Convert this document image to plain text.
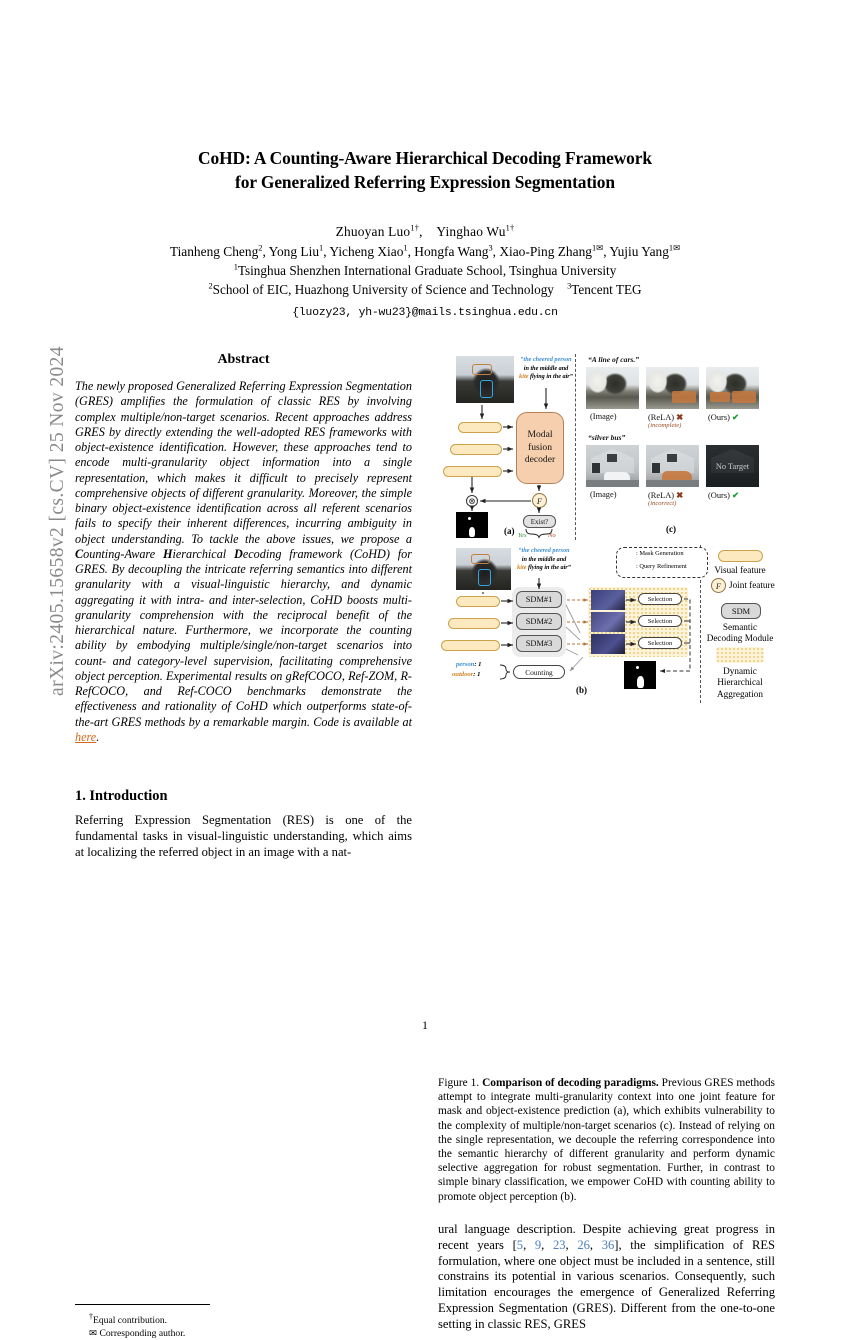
arXiv:2405.15658v2 [cs.CV] 25 Nov 2024
CoHD: A Counting-Aware Hierarchical Decoding Framework
for Generalized Referring Expression Segmentation
Zhuoyan Luo$^{1\dagger}$,    Yinghao $Wu^{1\dagger}$
Tianheng Cheng$^2$, Yong Liu$^1$, Yicheng Xiao$^1$, Hongfa Wang$^3$, Xiao-Ping Zhang$^{1✉}$, Yujiu Yang$^{1✉}$
$^1$Tsinghua Shenzhen International Graduate School, Tsinghua University
$^2$School of EIC, Huazhong University of Science and Technology    $^3$Tencent TEG
{luozy23, yh-wu23}@mails.tsinghua.edu.cn
Abstract
The newly proposed Generalized Referring Expression Segmentation (GRES) amplifies the formulation of classic RES by involving complex multiple/non-target scenarios. Recent approaches address GRES by directly extending the well-adopted RES frameworks with object-existence identification. However, these approaches tend to encode multi-granularity object information into a single representation, which makes it difficult to precisely represent comprehensive objects of different granularity. Moreover, the simple binary object-existence identification across all referent scenarios fails to specify their inherent differences, incurring ambiguity in object understanding. To tackle the above issues, we propose a Counting-Aware Hierarchical Decoding framework (CoHD) for GRES. By decoupling the intricate referring semantics into different granularity with a visual-linguistic hierarchy, and dynamic aggregating it with intra- and inter-selection, CoHD boosts multi-granularity comprehension with the reciprocal benefit of the hierarchical nature. Furthermore, we incorporate the counting ability by embodying multiple/single/non-target scenarios into count- and category-level supervision, facilitating comprehensive object perception. Experimental results on gRefCOCO, Ref-ZOM, R-RefCOCO, and Ref-COCO benchmarks demonstrate the effectiveness and rationality of CoHD which outperforms state-of-the-art GRES methods by a remarkable margin. Code is available at here.
1. Introduction
Referring Expression Segmentation (RES) is one of the fundamental tasks in visual-linguistic understanding, which aims at localizing the referred object in an image with a nat-
†Equal contribution.
✉ Corresponding author.
“the cheered person
in the middle and
kite flying in the air”
Modal
fusion
decoder
F
⊗
Exist?
Yes	No
(a)
“A line of cars.”
(Image)	(ReLA) ✖
(incomplete)
(Ours) ✔
“silver bus”
No Target
(Image)	(ReLA) ✖
(incorrect)
(Ours) ✔
(c)
“the cheered person
in the middle and
kite flying in the air”
: Mask Generation
: Query Refinement
SDM#1
SDM#2
SDM#3
Selection
Selection
Selection
Counting
person: 1
outdoor: 1
(b)
Visual feature
F Joint feature
SDM
Semantic
Decoding Module
Dynamic
Hierarchical
Aggregation
Figure 1. Comparison of decoding paradigms. Previous GRES methods attempt to integrate multi-granularity context into one joint feature for mask and object-existence prediction (a), which exhibits vulnerability to the complexity of multiple/non-target scenarios (c). Instead of relying on the single representation, we decouple the referring correspondence into the semantic hierarchy of different granularity and perform dynamic selective aggregation for robust segmentation. Further, in contrast to simple binary classification, we empower CoHD with counting ability to promote object perception (b).
ural language description. Despite achieving great progress in recent years [5, 9, 23, 26, 36], the simplification of RES formulation, where one object must be included in a sentence, still constrains its potential in various scenarios. Consequently, such limitation encourages the emergence of Generalized Referring Expression Segmentation (GRES). Different from the one-to-one setting in classic RES, GRES
1
